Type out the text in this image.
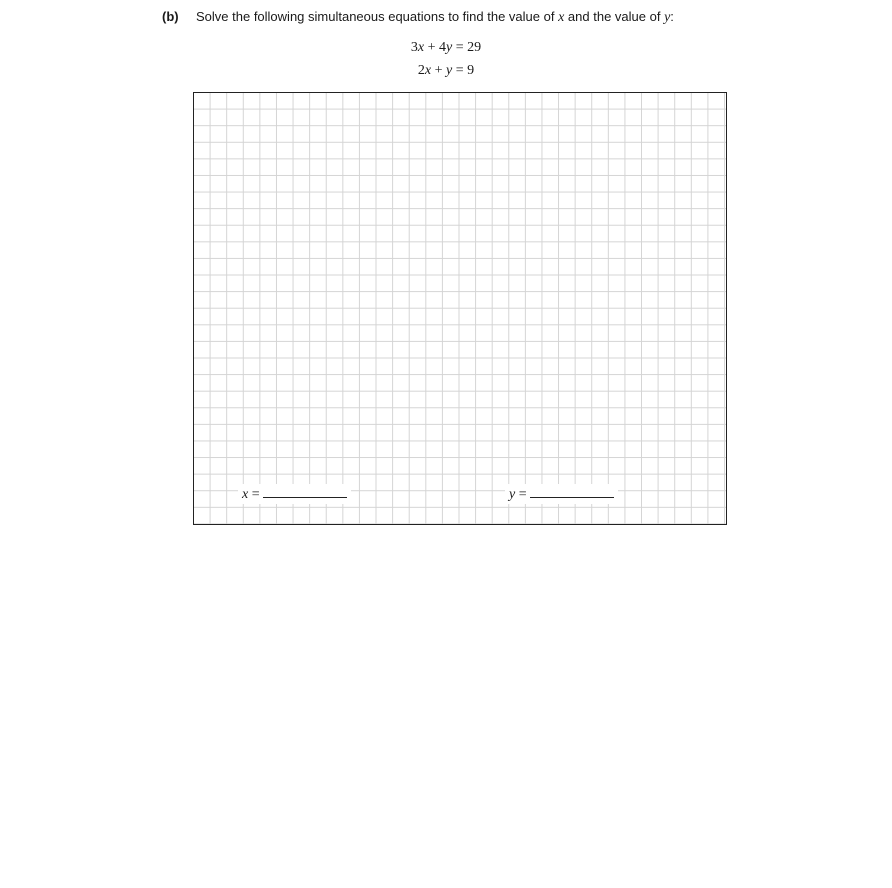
(b) Solve the following simultaneous equations to find the value of x and the value of y:
3x + 4y = 29
2x + y = 9
x =	y =
